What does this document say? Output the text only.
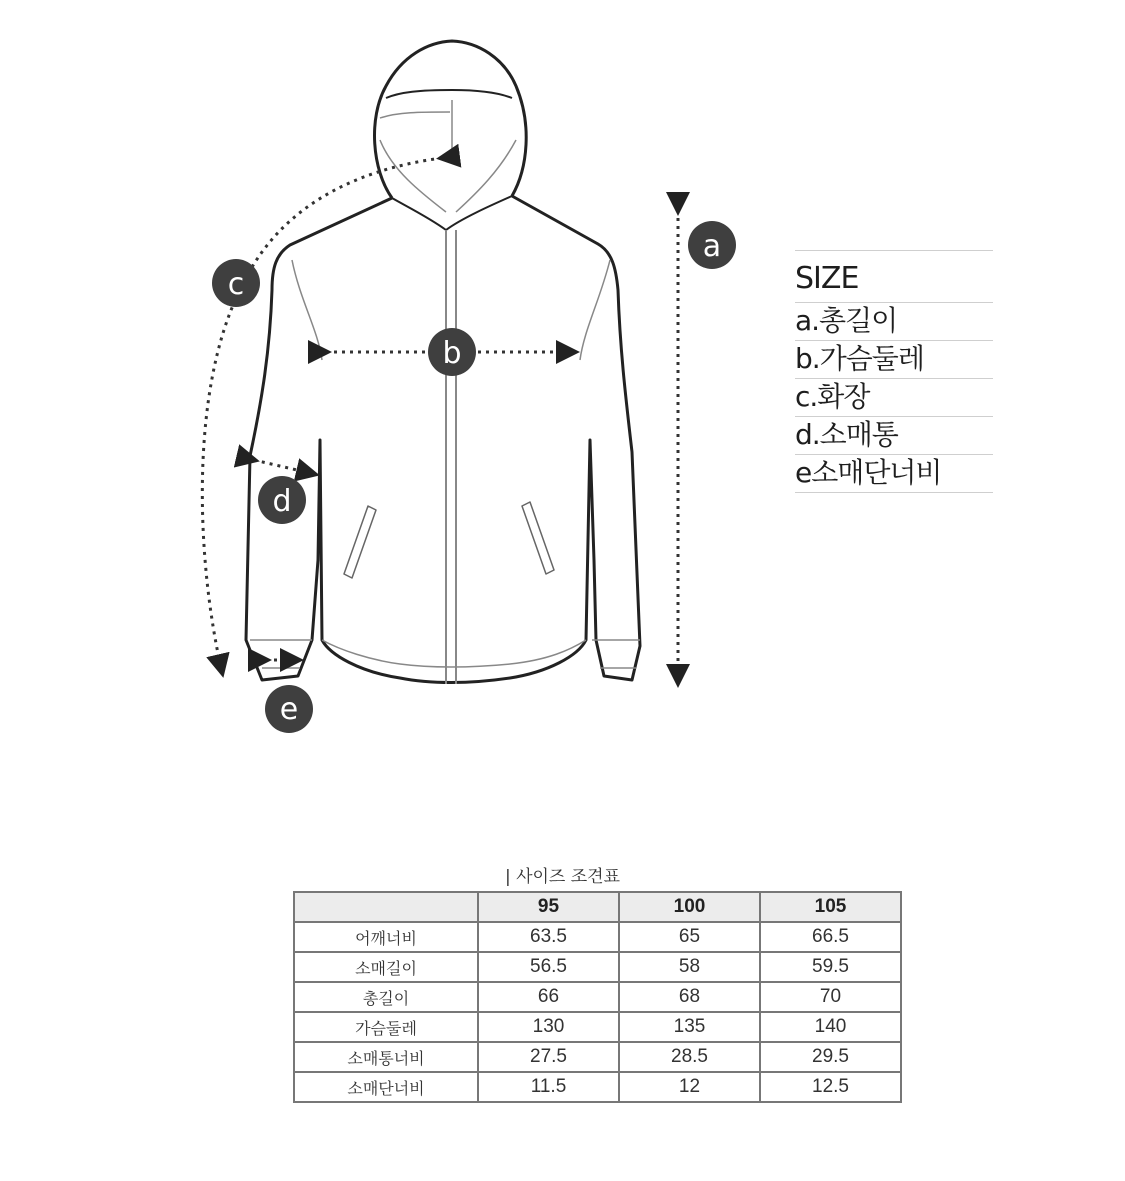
a
b
c
d
e
SIZE
a.총길이
b.가슴둘레
c.화장
d.소매통
e소매단너비
| 사이즈 조견표
	95	100	105
어깨너비	63.5	65	66.5
소매길이	56.5	58	59.5
총길이	66	68	70
가슴둘레	130	135	140
소매통너비	27.5	28.5	29.5
소매단너비	11.5	12	12.5
